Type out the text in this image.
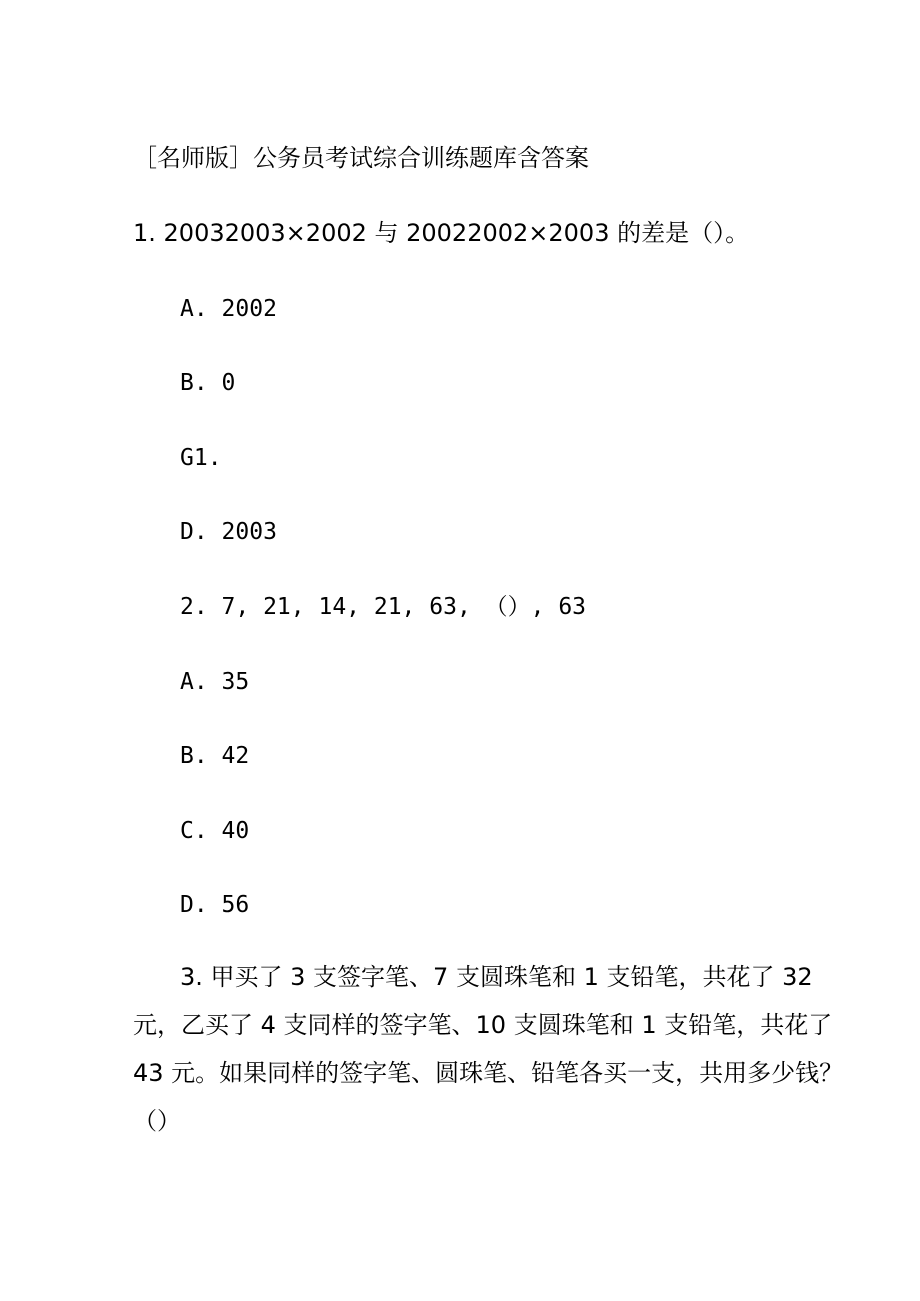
［名师版］公务员考试综合训练题库含答案
1. 20032003×2002 与 20022002×2003 的差是（）。
A. 2002
B. 0
G1.
D. 2003
2. 7, 21, 14, 21, 63, （）, 63
A. 35
B. 42
C. 40
D. 56
3. 甲买了 3 支签字笔、7 支圆珠笔和 1 支铅笔，共花了 32
元，乙买了 4 支同样的签字笔、10 支圆珠笔和 1 支铅笔，共花了
43 元。如果同样的签字笔、圆珠笔、铅笔各买一支，共用多少钱？
（）
